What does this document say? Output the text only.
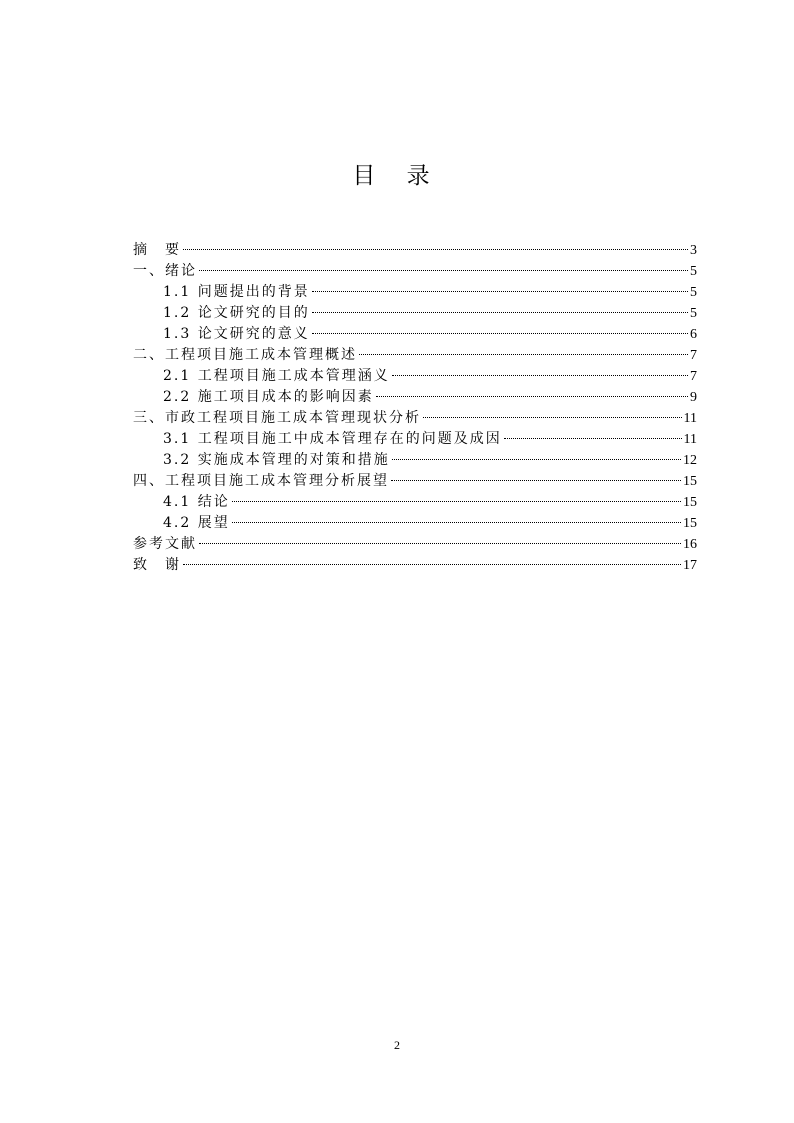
目 录
摘　要	3
一、绪论	5
1.1 问题提出的背景	5
1.2 论文研究的目的	5
1.3 论文研究的意义	6
二、工程项目施工成本管理概述	7
2.1 工程项目施工成本管理涵义	7
2.2 施工项目成本的影响因素	9
三、市政工程项目施工成本管理现状分析	11
3.1 工程项目施工中成本管理存在的问题及成因	11
3.2 实施成本管理的对策和措施	12
四、工程项目施工成本管理分析展望	15
4.1 结论	15
4.2 展望	15
参考文献	16
致　谢	17
2
